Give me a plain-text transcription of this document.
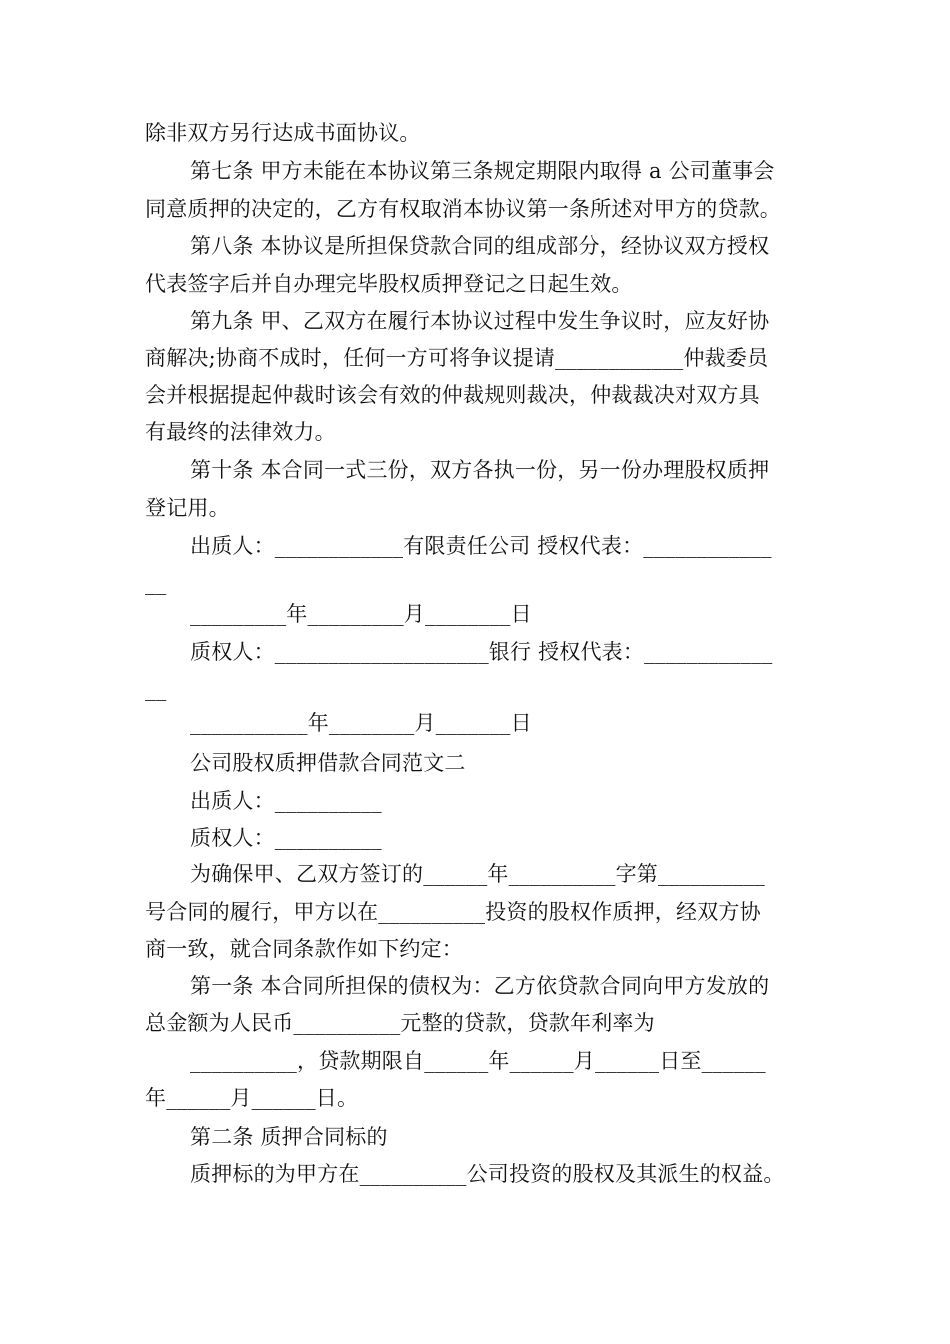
除非双方另行达成书面协议。
第七条 甲方未能在本协议第三条规定期限内取得 a 公司董事会
同意质押的决定的，乙方有权取消本协议第一条所述对甲方的贷款。
第八条 本协议是所担保贷款合同的组成部分，经协议双方授权
代表签字后并自办理完毕股权质押登记之日起生效。
第九条 甲、乙双方在履行本协议过程中发生争议时，应友好协
商解决;协商不成时，任何一方可将争议提请____________仲裁委员
会并根据提起仲裁时该会有效的仲裁规则裁决，仲裁裁决对双方具
有最终的法律效力。
第十条 本合同一式三份，双方各执一份，另一份办理股权质押
登记用。
出质人：____________有限责任公司 授权代表：____________
__
_________年_________月________日
质权人：____________________银行 授权代表：____________
__
___________年________月_______日
公司股权质押借款合同范文二
出质人：__________
质权人：__________
为确保甲、乙双方签订的______年__________字第__________
号合同的履行，甲方以在__________投资的股权作质押，经双方协
商一致，就合同条款作如下约定：
第一条 本合同所担保的债权为：乙方依贷款合同向甲方发放的
总金额为人民币__________元整的贷款，贷款年利率为
__________，贷款期限自______年______月______日至______
年______月______日。
第二条 质押合同标的
质押标的为甲方在__________公司投资的股权及其派生的权益。
